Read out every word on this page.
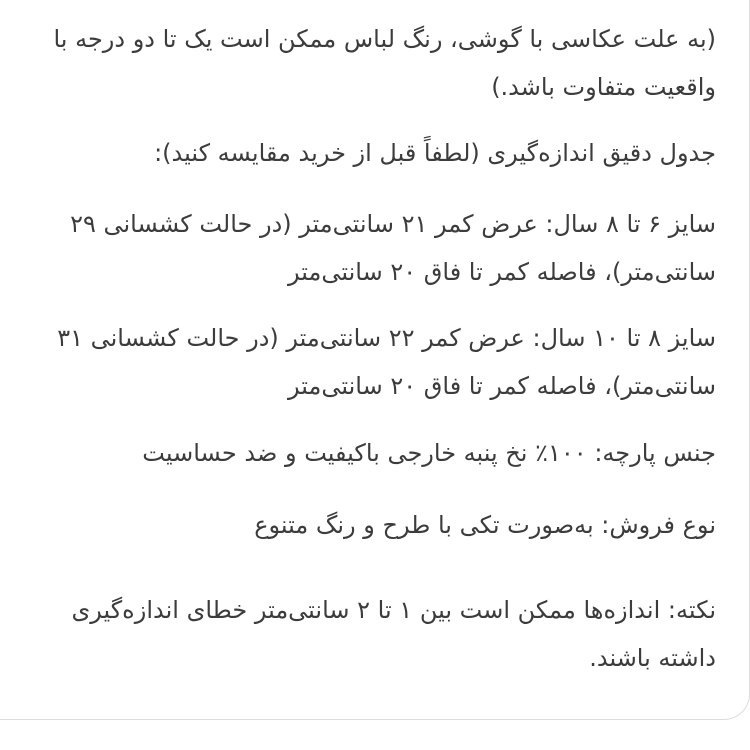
(به علت عکاسی با گوشی، رنگ لباس ممکن است یک تا دو درجه با واقعیت متفاوت باشد.)

جدول دقیق اندازه‌گیری (لطفاً قبل از خرید مقایسه کنید):

سایز ۶ تا ۸ سال: عرض کمر ۲۱ سانتی‌متر (در حالت کشسانی ۲۹ سانتی‌متر)، فاصله کمر تا فاق ۲۰ سانتی‌متر

سایز ۸ تا ۱۰ سال: عرض کمر ۲۲ سانتی‌متر (در حالت کشسانی ۳۱ سانتی‌متر)، فاصله کمر تا فاق ۲۰ سانتی‌متر

جنس پارچه: ۱۰۰٪ نخ پنبه خارجی باکیفیت و ضد حساسیت

نوع فروش: به‌صورت تکی با طرح و رنگ متنوع

نکته: اندازه‌ها ممکن است بین ۱ تا ۲ سانتی‌متر خطای اندازه‌گیری داشته باشند.
